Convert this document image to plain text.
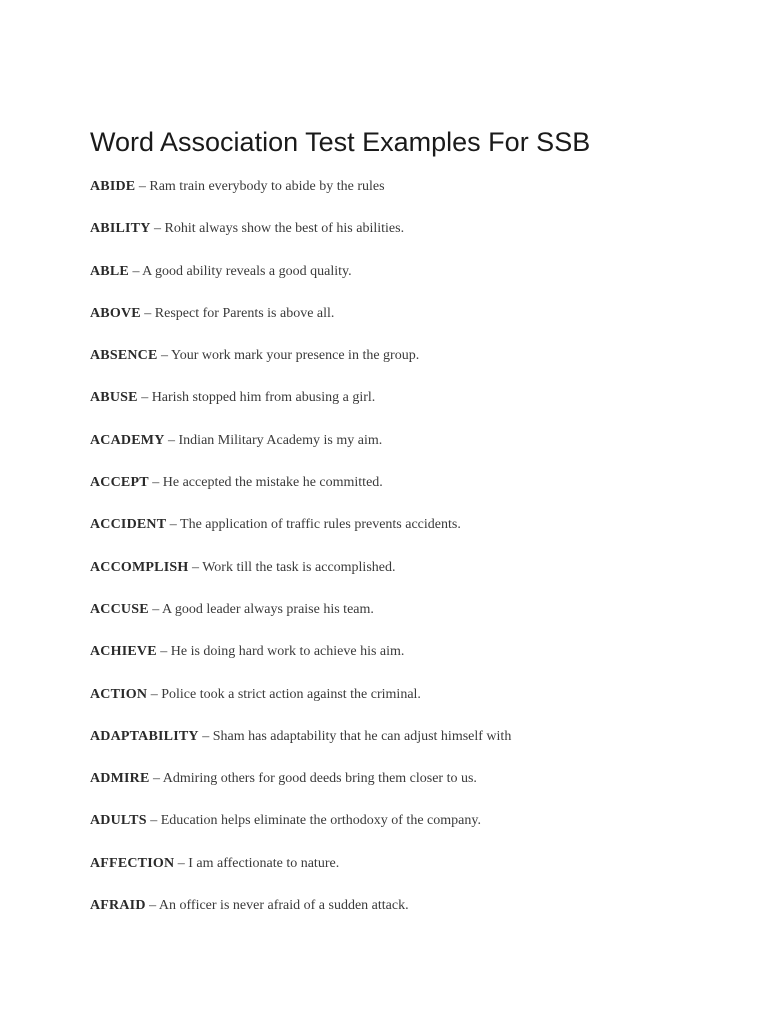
Word Association Test Examples For SSB
ABIDE – Ram train everybody to abide by the rules
ABILITY – Rohit always show the best of his abilities.
ABLE – A good ability reveals a good quality.
ABOVE – Respect for Parents is above all.
ABSENCE – Your work mark your presence in the group.
ABUSE – Harish stopped him from abusing a girl.
ACADEMY – Indian Military Academy is my aim.
ACCEPT – He accepted the mistake he committed.
ACCIDENT – The application of traffic rules prevents accidents.
ACCOMPLISH – Work till the task is accomplished.
ACCUSE – A good leader always praise his team.
ACHIEVE – He is doing hard work to achieve his aim.
ACTION – Police took a strict action against the criminal.
ADAPTABILITY – Sham has adaptability that he can adjust himself with
ADMIRE – Admiring others for good deeds bring them closer to us.
ADULTS – Education helps eliminate the orthodoxy of the company.
AFFECTION – I am affectionate to nature.
AFRAID – An officer is never afraid of a sudden attack.
